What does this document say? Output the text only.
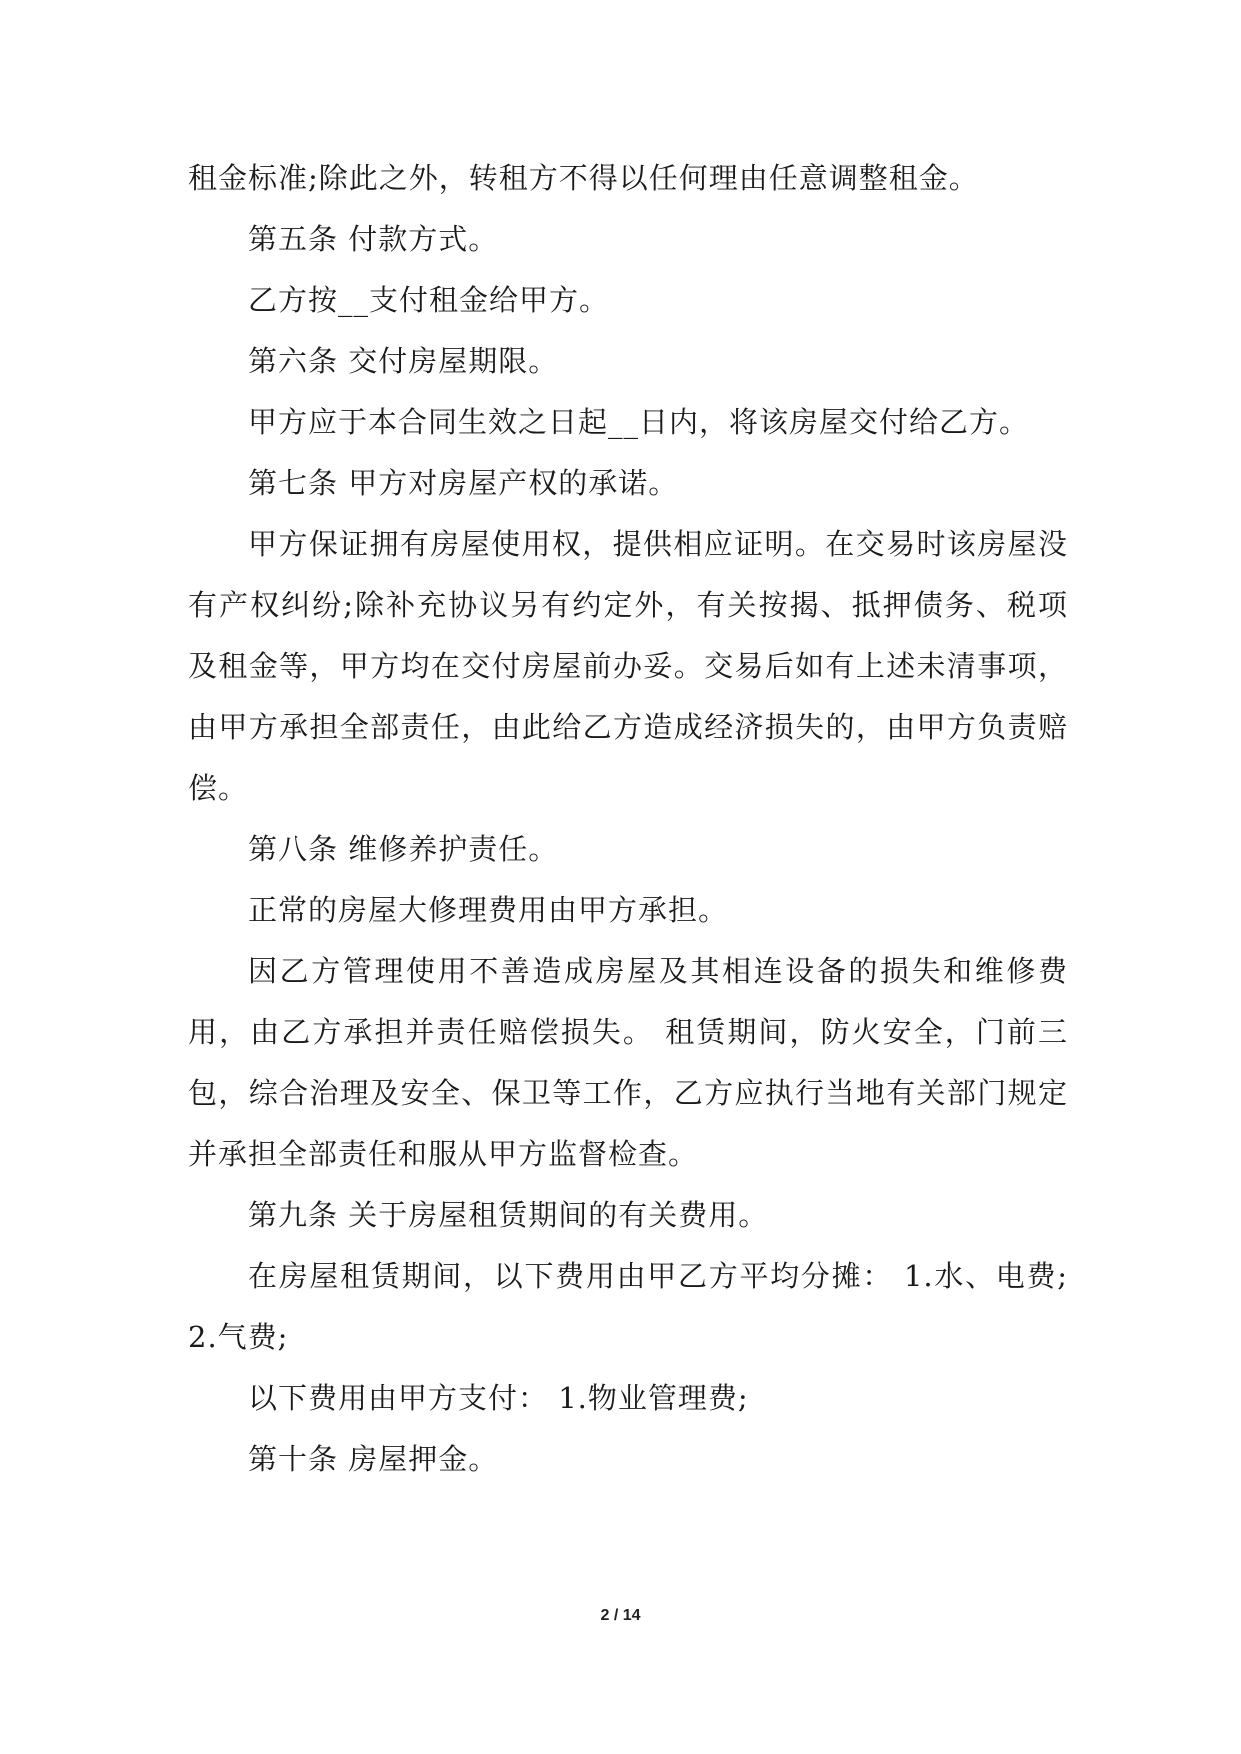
租金标准;除此之外，转租方不得以任何理由任意调整租金。

第五条 付款方式。

乙方按__支付租金给甲方。

第六条 交付房屋期限。

甲方应于本合同生效之日起__日内，将该房屋交付给乙方。

第七条 甲方对房屋产权的承诺。

甲方保证拥有房屋使用权，提供相应证明。在交易时该房屋没有产权纠纷;除补充协议另有约定外，有关按揭、抵押债务、税项及租金等，甲方均在交付房屋前办妥。交易后如有上述未清事项，由甲方承担全部责任，由此给乙方造成经济损失的，由甲方负责赔偿。

第八条 维修养护责任。

正常的房屋大修理费用由甲方承担。

因乙方管理使用不善造成房屋及其相连设备的损失和维修费用，由乙方承担并责任赔偿损失。 租赁期间，防火安全，门前三包，综合治理及安全、保卫等工作，乙方应执行当地有关部门规定并承担全部责任和服从甲方监督检查。

第九条 关于房屋租赁期间的有关费用。

在房屋租赁期间，以下费用由甲乙方平均分摊： 1.水、电费;2.气费;

以下费用由甲方支付： 1.物业管理费;

第十条 房屋押金。

2 / 14
